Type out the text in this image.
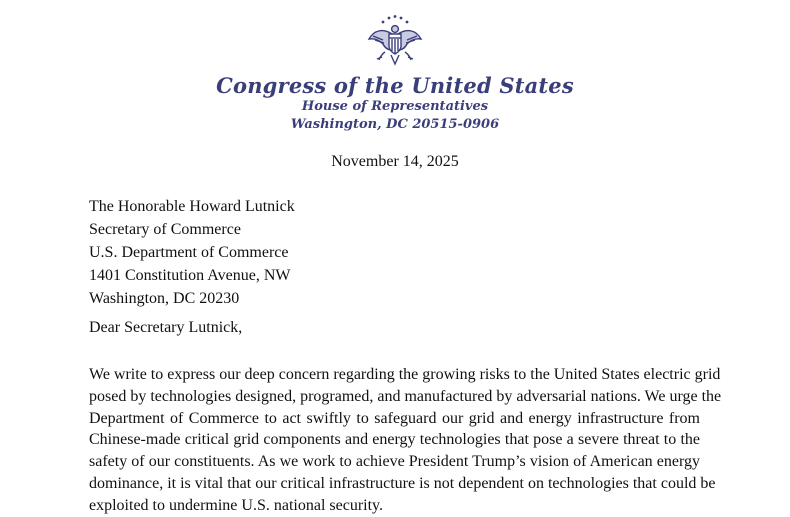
Congress of the United States
House of Representatives
Washington, DC 20515-0906
November 14, 2025
The Honorable Howard Lutnick
Secretary of Commerce
U.S. Department of Commerce
1401 Constitution Avenue, NW
Washington, DC 20230
Dear Secretary Lutnick,
We write to express our deep concern regarding the growing risks to the United States electric grid
posed by technologies designed, programed, and manufactured by adversarial nations. We urge the
Department of Commerce to act swiftly to safeguard our grid and energy infrastructure from
Chinese-made critical grid components and energy technologies that pose a severe threat to the
safety of our constituents. As we work to achieve President Trump’s vision of American energy
dominance, it is vital that our critical infrastructure is not dependent on technologies that could be
exploited to undermine U.S. national security.
